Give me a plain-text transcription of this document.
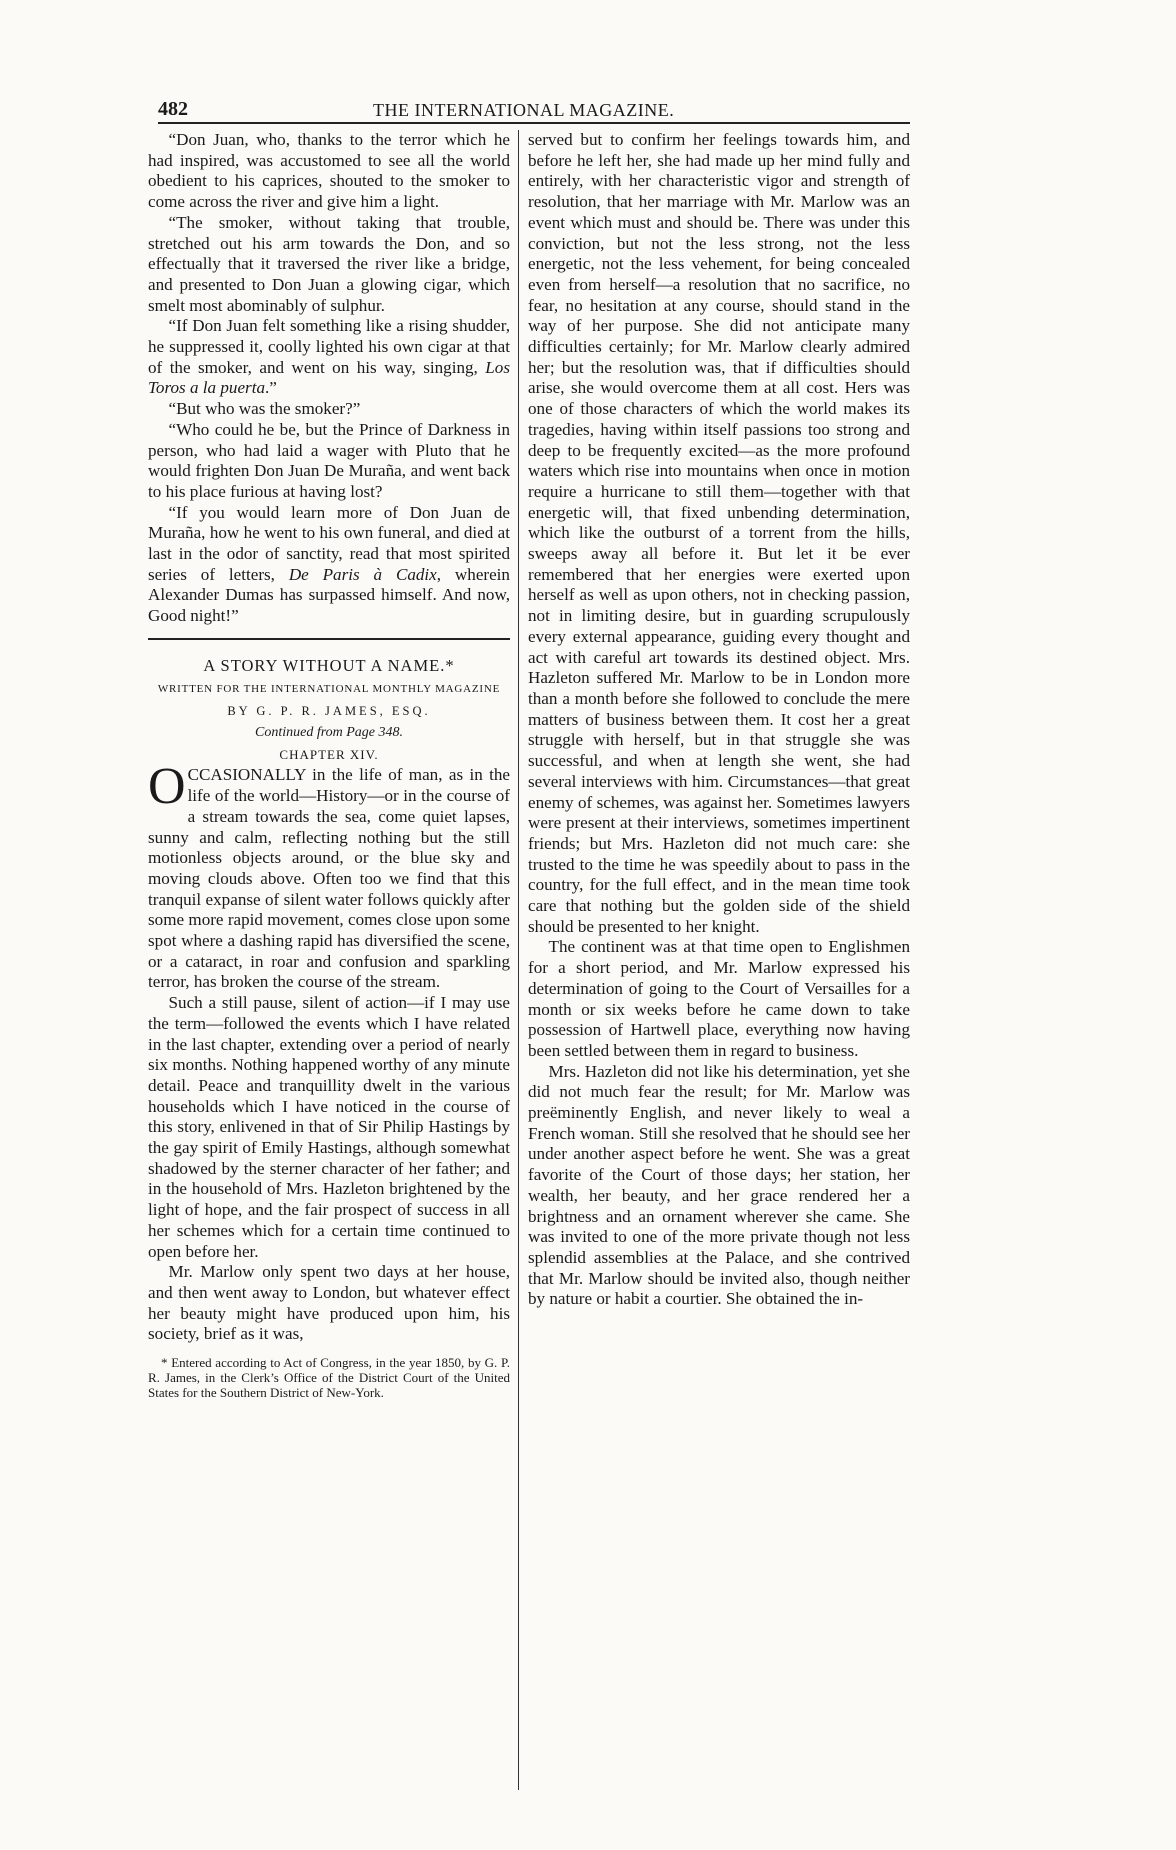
482	THE INTERNATIONAL MAGAZINE.

“Don Juan, who, thanks to the terror which he had inspired, was accustomed to see all the world obedient to his caprices, shouted to the smoker to come across the river and give him a light.

“The smoker, without taking that trouble, stretched out his arm towards the Don, and so effectually that it traversed the river like a bridge, and presented to Don Juan a glowing cigar, which smelt most abominably of sulphur.

“If Don Juan felt something like a rising shudder, he suppressed it, coolly lighted his own cigar at that of the smoker, and went on his way, singing, Los Toros a la puerta.”

“But who was the smoker?”

“Who could he be, but the Prince of Darkness in person, who had laid a wager with Pluto that he would frighten Don Juan De Muraña, and went back to his place furious at having lost?

“If you would learn more of Don Juan de Muraña, how he went to his own funeral, and died at last in the odor of sanctity, read that most spirited series of letters, De Paris à Cadix, wherein Alexander Dumas has surpassed himself. And now, Good night!”

A STORY WITHOUT A NAME.*
WRITTEN FOR THE INTERNATIONAL MONTHLY MAGAZINE
BY G. P. R. JAMES, ESQ.
Continued from Page 348.
CHAPTER XIV.

OCCASIONALLY in the life of man, as in the life of the world—History—or in the course of a stream towards the sea, come quiet lapses, sunny and calm, reflecting nothing but the still motionless objects around, or the blue sky and moving clouds above. Often too we find that this tranquil expanse of silent water follows quickly after some more rapid movement, comes close upon some spot where a dashing rapid has diversified the scene, or a cataract, in roar and confusion and sparkling terror, has broken the course of the stream.

Such a still pause, silent of action—if I may use the term—followed the events which I have related in the last chapter, extending over a period of nearly six months. Nothing happened worthy of any minute detail. Peace and tranquillity dwelt in the various households which I have noticed in the course of this story, enlivened in that of Sir Philip Hastings by the gay spirit of Emily Hastings, although somewhat shadowed by the sterner character of her father; and in the household of Mrs. Hazleton brightened by the light of hope, and the fair prospect of success in all her schemes which for a certain time continued to open before her.

Mr. Marlow only spent two days at her house, and then went away to London, but whatever effect her beauty might have produced upon him, his society, brief as it was,

* Entered according to Act of Congress, in the year 1850, by G. P. R. James, in the Clerk’s Office of the District Court of the United States for the Southern District of New-York.

served but to confirm her feelings towards him, and before he left her, she had made up her mind fully and entirely, with her characteristic vigor and strength of resolution, that her marriage with Mr. Marlow was an event which must and should be. There was under this conviction, but not the less strong, not the less energetic, not the less vehement, for being concealed even from herself—a resolution that no sacrifice, no fear, no hesitation at any course, should stand in the way of her purpose. She did not anticipate many difficulties certainly; for Mr. Marlow clearly admired her; but the resolution was, that if difficulties should arise, she would overcome them at all cost. Hers was one of those characters of which the world makes its tragedies, having within itself passions too strong and deep to be frequently excited—as the more profound waters which rise into mountains when once in motion require a hurricane to still them—together with that energetic will, that fixed unbending determination, which like the outburst of a torrent from the hills, sweeps away all before it. But let it be ever remembered that her energies were exerted upon herself as well as upon others, not in checking passion, not in limiting desire, but in guarding scrupulously every external appearance, guiding every thought and act with careful art towards its destined object. Mrs. Hazleton suffered Mr. Marlow to be in London more than a month before she followed to conclude the mere matters of business between them. It cost her a great struggle with herself, but in that struggle she was successful, and when at length she went, she had several interviews with him. Circumstances—that great enemy of schemes, was against her. Sometimes lawyers were present at their interviews, sometimes impertinent friends; but Mrs. Hazleton did not much care: she trusted to the time he was speedily about to pass in the country, for the full effect, and in the mean time took care that nothing but the golden side of the shield should be presented to her knight.

The continent was at that time open to Englishmen for a short period, and Mr. Marlow expressed his determination of going to the Court of Versailles for a month or six weeks before he came down to take possession of Hartwell place, everything now having been settled between them in regard to business.

Mrs. Hazleton did not like his determination, yet she did not much fear the result; for Mr. Marlow was preëminently English, and never likely to weal a French woman. Still she resolved that he should see her under another aspect before he went. She was a great favorite of the Court of those days; her station, her wealth, her beauty, and her grace rendered her a brightness and an ornament wherever she came. She was invited to one of the more private though not less splendid assemblies at the Palace, and she contrived that Mr. Marlow should be invited also, though neither by nature or habit a courtier. She obtained the in-
